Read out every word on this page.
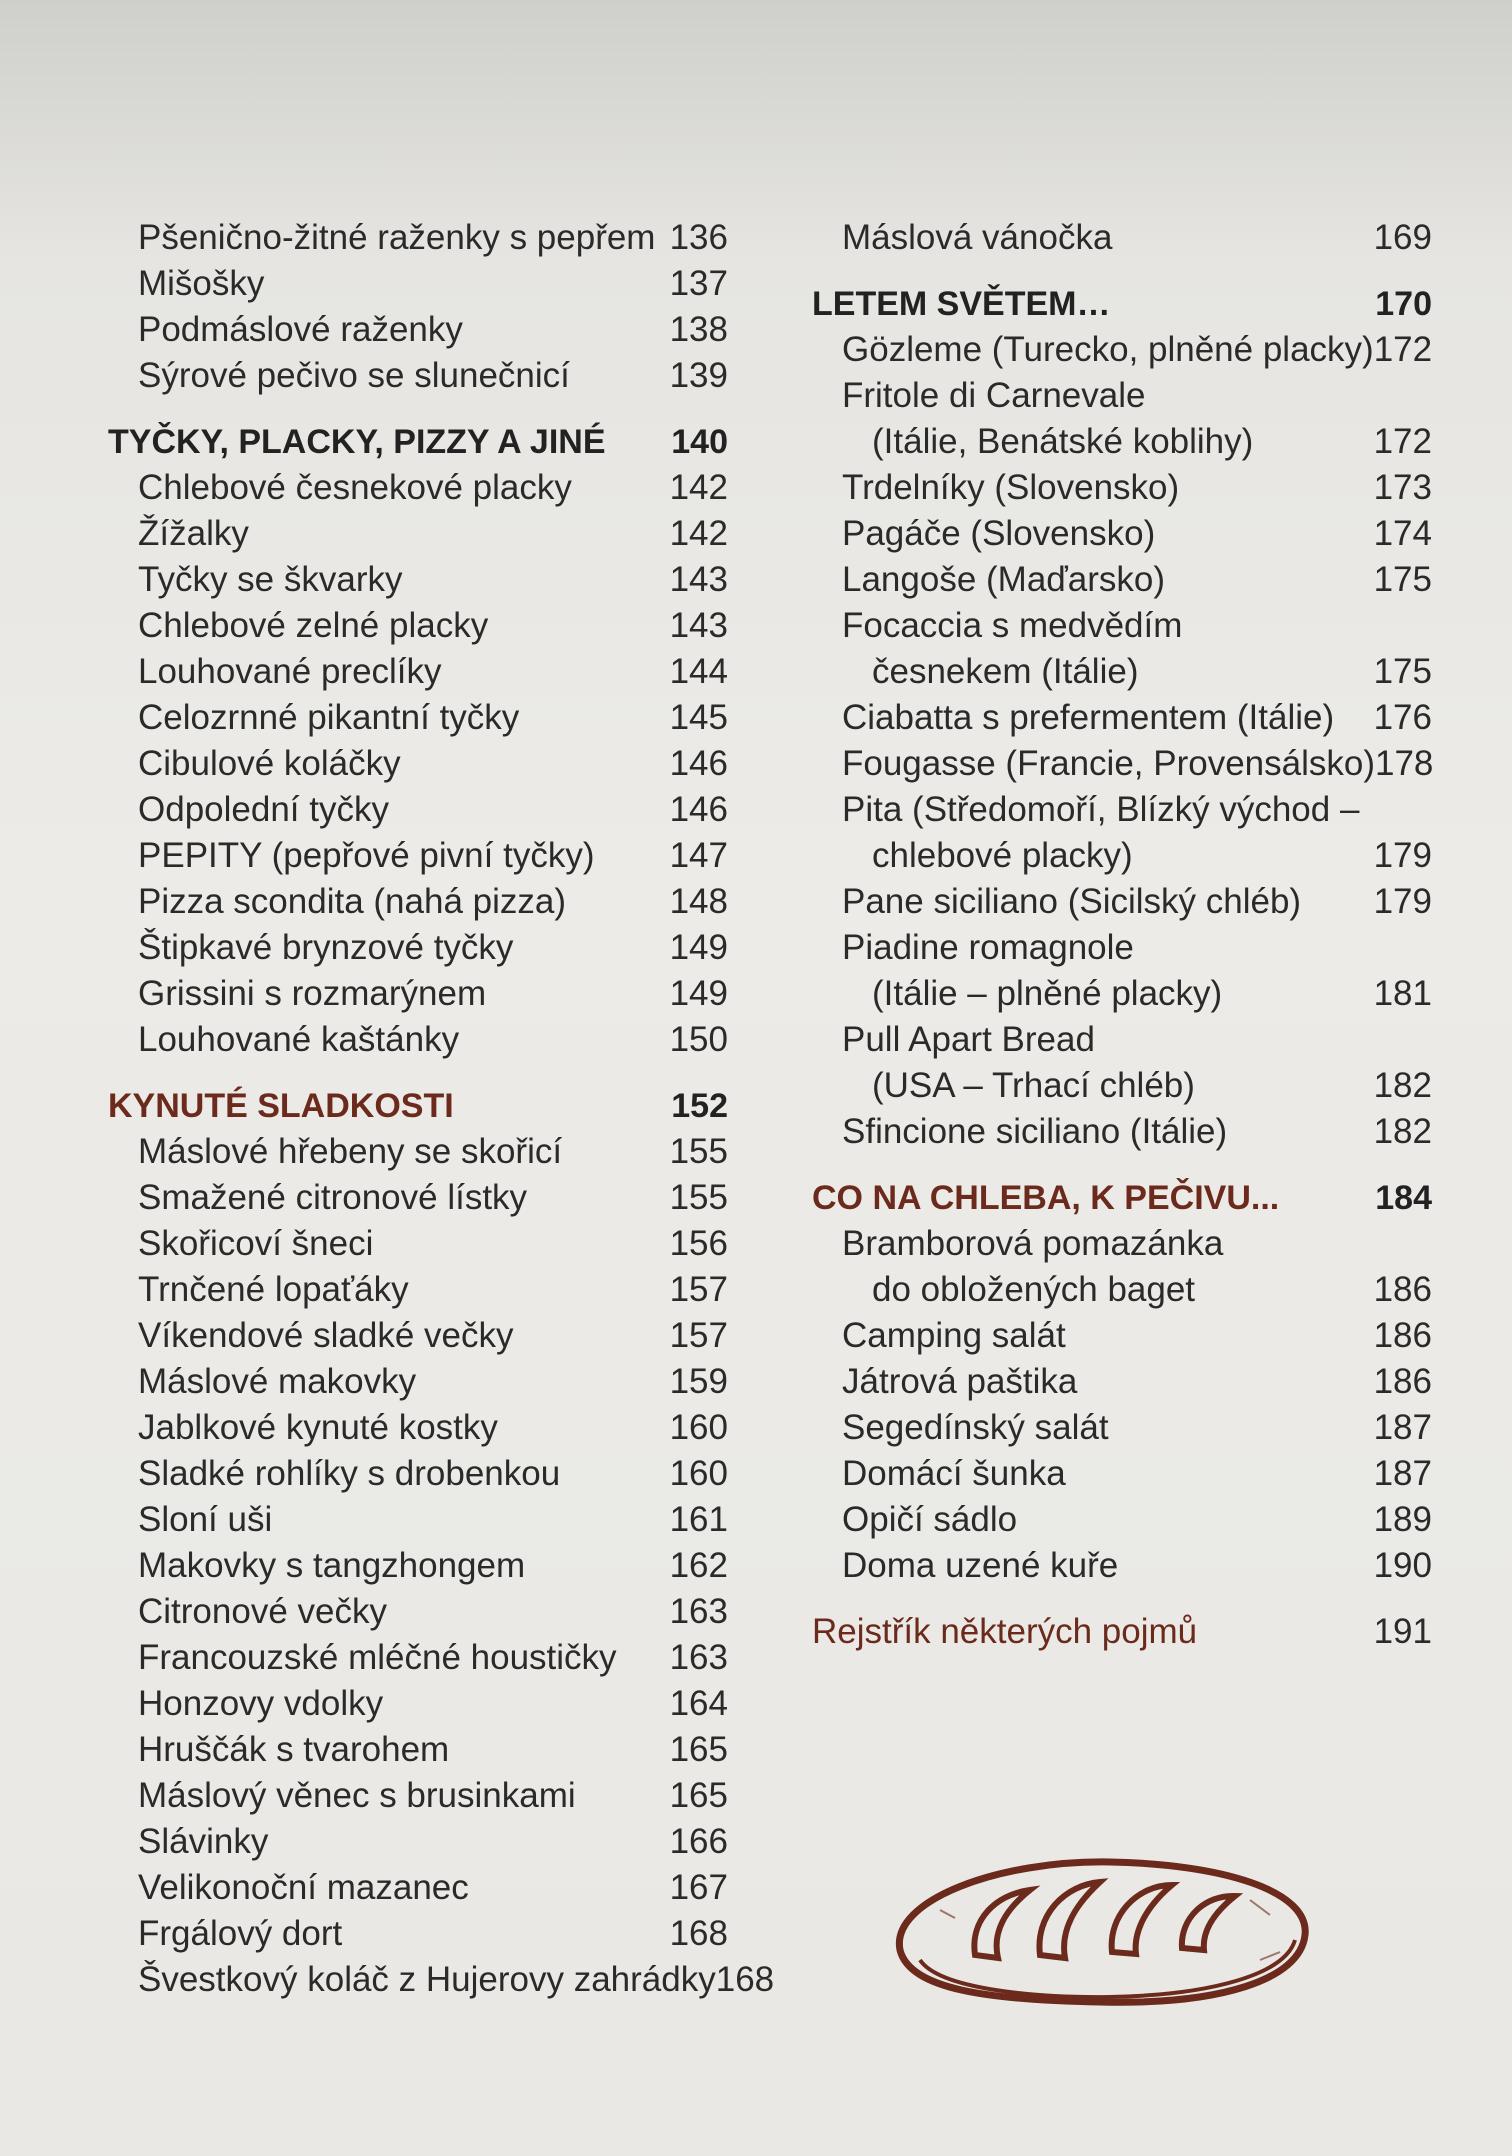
Pšenično-žitné raženky s pepřem 136
Mišošky	137
Podmáslové raženky	138
Sýrové pečivo se slunečnicí	139
TYČKY, PLACKY, PIZZY A JINÉ	140
Chlebové česnekové placky	142
Žížalky	142
Tyčky se škvarky	143
Chlebové zelné placky	143
Louhované preclíky	144
Celozrnné pikantní tyčky	145
Cibulové koláčky	146
Odpolední tyčky	146
PEPITY (pepřové pivní tyčky)	147
Pizza scondita (nahá pizza)	148
Štipkavé brynzové tyčky	149
Grissini s rozmarýnem	149
Louhované kaštánky	150
KYNUTÉ SLADKOSTI	152
Máslové hřebeny se skořicí	155
Smažené citronové lístky	155
Skořicoví šneci	156
Trnčené lopaťáky	157
Víkendové sladké večky	157
Máslové makovky	159
Jablkové kynuté kostky	160
Sladké rohlíky s drobenkou	160
Sloní uši	161
Makovky s tangzhongem	162
Citronové večky	163
Francouzské mléčné houstičky	163
Honzovy vdolky	164
Hruščák s tvarohem	165
Máslový věnec s brusinkami	165
Slávinky	166
Velikonoční mazanec	167
Frgálový dort	168
Švestkový koláč z Hujerovy zahrádky 168
Máslová vánočka	169
LETEM SVĚTEM…	170
Gözleme (Turecko, plněné placky) 172
Fritole di Carnevale
(Itálie, Benátské koblihy)	172
Trdelníky (Slovensko)	173
Pagáče (Slovensko)	174
Langoše (Maďarsko)	175
Focaccia s medvědím
česnekem (Itálie)	175
Ciabatta s prefermentem (Itálie)	176
Fougasse (Francie, Provensálsko) 178
Pita (Středomoří, Blízký východ –
chlebové placky)	179
Pane siciliano (Sicilský chléb)	179
Piadine romagnole
(Itálie – plněné placky)	181
Pull Apart Bread
(USA – Trhací chléb)	182
Sfincione siciliano (Itálie)	182
CO NA CHLEBA, K PEČIVU...	184
Bramborová pomazánka
do obložených baget	186
Camping salát	186
Játrová paštika	186
Segedínský salát	187
Domácí šunka	187
Opičí sádlo	189
Doma uzené kuře	190
Rejstřík některých pojmů	191
